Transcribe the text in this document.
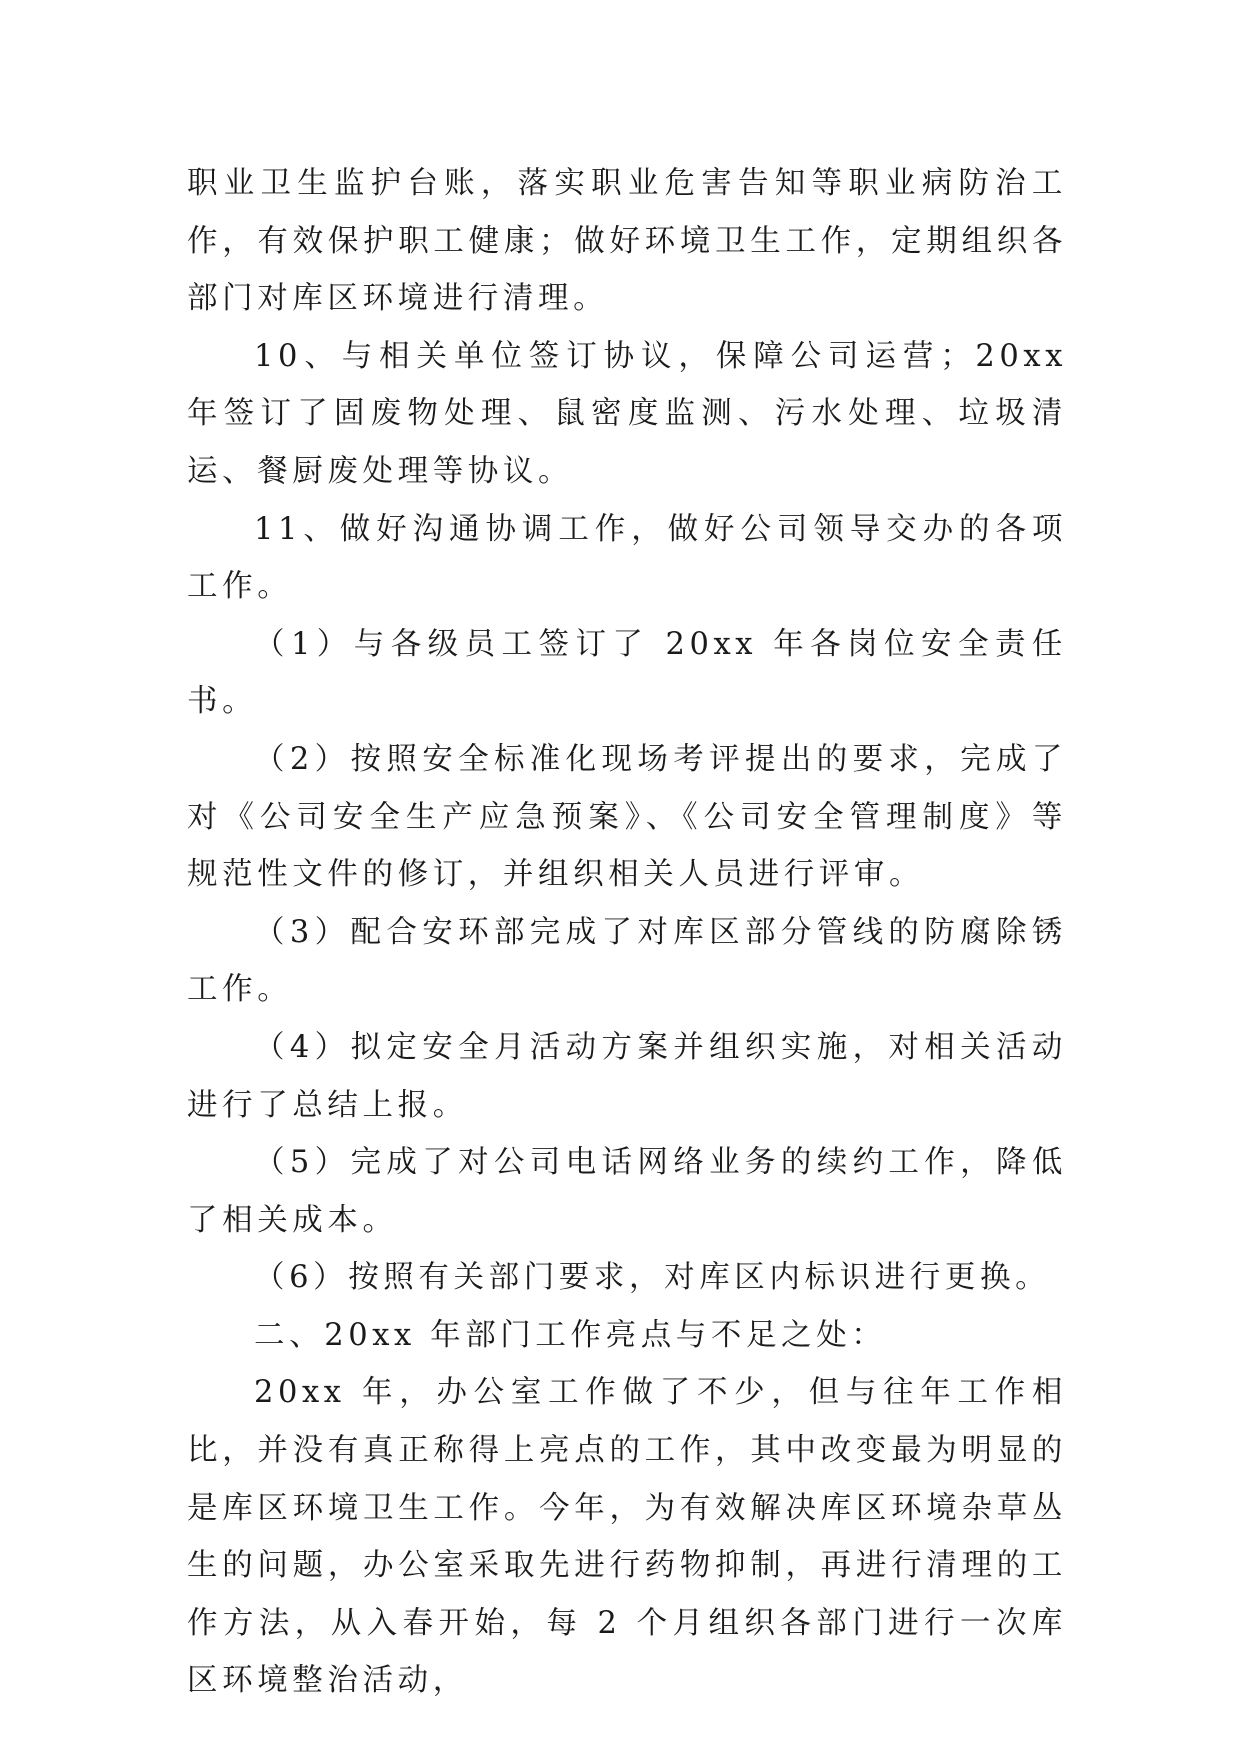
职业卫生监护台账，落实职业危害告知等职业病防治工作，有效保护职工健康；做好环境卫生工作，定期组织各部门对库区环境进行清理。

10、与相关单位签订协议，保障公司运营；20xx 年签订了固废物处理、鼠密度监测、污水处理、垃圾清运、餐厨废处理等协议。

11、做好沟通协调工作，做好公司领导交办的各项工作。

（1）与各级员工签订了 20xx 年各岗位安全责任书。

（2）按照安全标准化现场考评提出的要求，完成了对《公司安全生产应急预案》、《公司安全管理制度》等规范性文件的修订，并组织相关人员进行评审。

（3）配合安环部完成了对库区部分管线的防腐除锈工作。

（4）拟定安全月活动方案并组织实施，对相关活动进行了总结上报。

（5）完成了对公司电话网络业务的续约工作，降低了相关成本。

（6）按照有关部门要求，对库区内标识进行更换。

二、20xx 年部门工作亮点与不足之处：

20xx 年，办公室工作做了不少，但与往年工作相比，并没有真正称得上亮点的工作，其中改变最为明显的是库区环境卫生工作。今年，为有效解决库区环境杂草丛生的问题，办公室采取先进行药物抑制，再进行清理的工作方法，从入春开始，每 2 个月组织各部门进行一次库区环境整治活动，
